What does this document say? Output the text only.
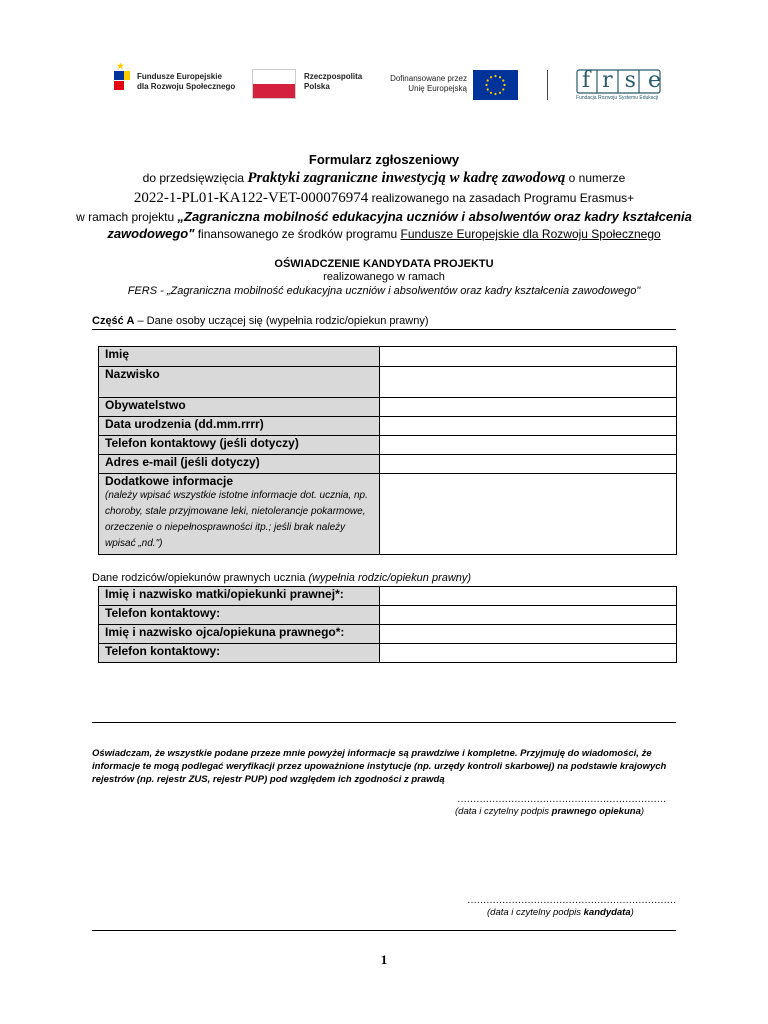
Fundusze Europejskie
dla Rozwoju Społecznego
Rzeczpospolita
Polska
Dofinansowane przez
Unię Europejską	frse
Fundacja Rozwoju Systemu Edukacji
Formularz zgłoszeniowy
do przedsięwzięcia Praktyki zagraniczne inwestycją w kadrę zawodową o numerze
2022-1-PL01-KA122-VET-000076974 realizowanego na zasadach Programu Erasmus+
w ramach projektu „Zagraniczna mobilność edukacyjna uczniów i absolwentów oraz kadry kształcenia
zawodowego" finansowanego ze środków programu Fundusze Europejskie dla Rozwoju Społecznego
OŚWIADCZENIE KANDYDATA PROJEKTU
realizowanego w ramach
FERS - „Zagraniczna mobilność edukacyjna uczniów i absolwentów oraz kadry kształcenia zawodowego"
Część A – Dane osoby uczącej się (wypełnia rodzic/opiekun prawny)
Imię	
Nazwisko	
Obywatelstwo	
Data urodzenia (dd.mm.rrrr)	
Telefon kontaktowy (jeśli dotyczy)	
Adres e-mail (jeśli dotyczy)	
Dodatkowe informacje
(należy wpisać wszystkie istotne informacje dot. ucznia, np. choroby, stale przyjmowane leki, nietolerancje pokarmowe, orzeczenie o niepełnosprawności itp.; jeśli brak należy wpisać „nd.")	

Dane rodziców/opiekunów prawnych ucznia (wypełnia rodzic/opiekun prawny)
Imię i nazwisko matki/opiekunki prawnej*:	
Telefon kontaktowy:	
Imię i nazwisko ojca/opiekuna prawnego*:	
Telefon kontaktowy:	
Oświadczam, że wszystkie podane przeze mnie powyżej informacje są prawdziwe i kompletne. Przyjmuję do wiadomości, że informacje te mogą podlegać weryfikacji przez upoważnione instytucje (np. urzędy kontroli skarbowej) na podstawie krajowych rejestrów (np. rejestr ZUS, rejestr PUP) pod względem ich zgodności z prawdą
…………………………………………………………
(data i czytelny podpis prawnego opiekuna)
…………………………………………………………
(data i czytelny podpis kandydata)
1
